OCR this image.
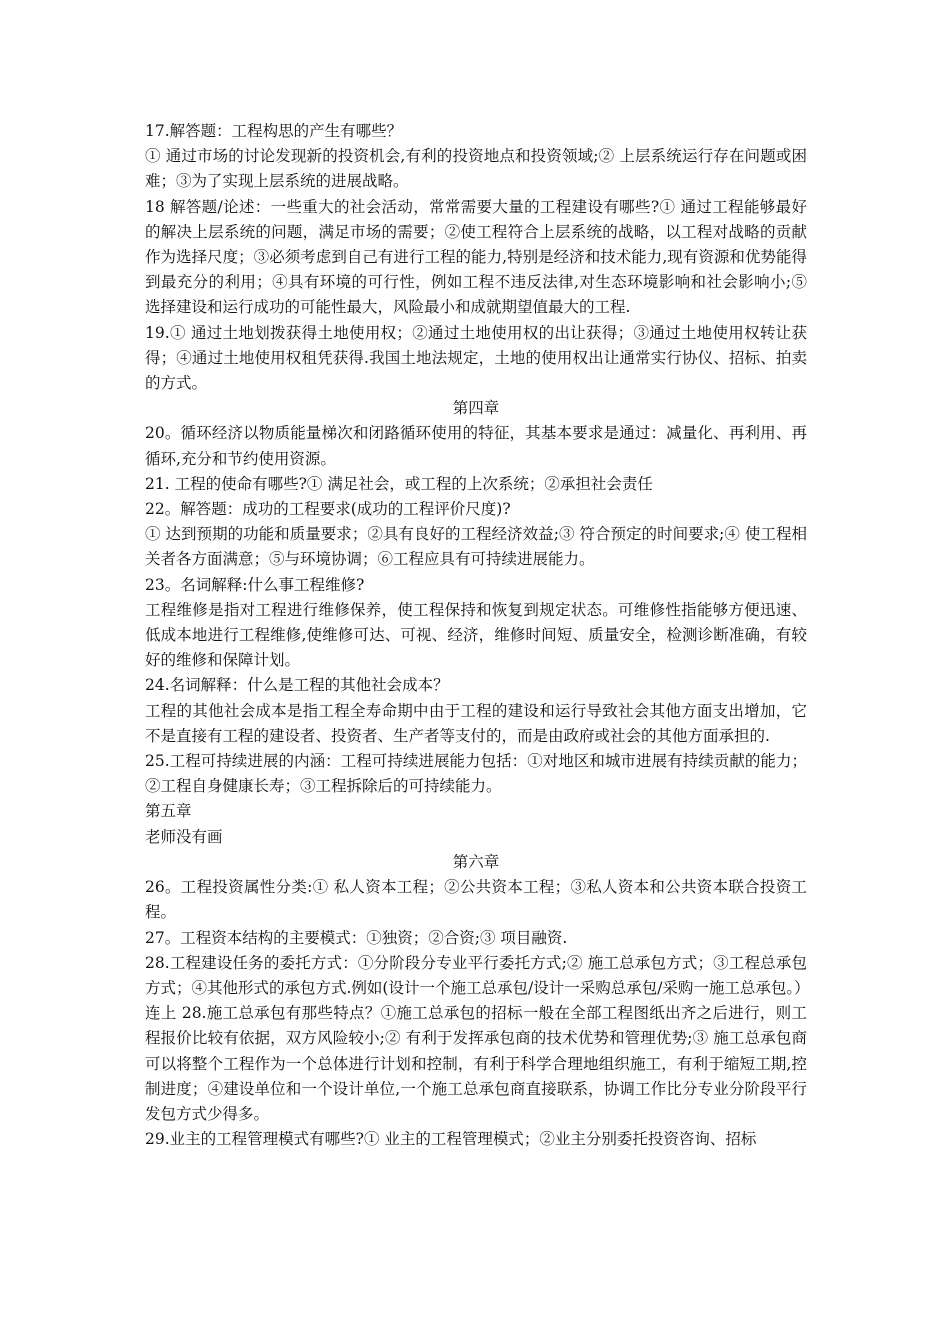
17.解答题：工程构思的产生有哪些？

① 通过市场的讨论发现新的投资机会,有利的投资地点和投资领域;② 上层系统运行存在问题或困难；③为了实现上层系统的进展战略。

18 解答题/论述：一些重大的社会活动，常常需要大量的工程建设有哪些?① 通过工程能够最好的解决上层系统的问题，满足市场的需要；②使工程符合上层系统的战略，以工程对战略的贡献作为选择尺度；③必须考虑到自己有进行工程的能力,特别是经济和技术能力,现有资源和优势能得到最充分的利用；④具有环境的可行性，例如工程不违反法律,对生态环境影响和社会影响小;⑤ 选择建设和运行成功的可能性最大，风险最小和成就期望值最大的工程.

19.① 通过土地划拨获得土地使用权；②通过土地使用权的出让获得；③通过土地使用权转让获得；④通过土地使用权租凭获得.我国土地法规定，土地的使用权出让通常实行协仪、招标、拍卖的方式。

第四章

20。循环经济以物质能量梯次和闭路循环使用的特征，其基本要求是通过：减量化、再利用、再循环,充分和节约使用资源。

21. 工程的使命有哪些?① 满足社会，或工程的上次系统；②承担社会责任

22。解答题：成功的工程要求(成功的工程评价尺度)?

① 达到预期的功能和质量要求；②具有良好的工程经济效益;③ 符合预定的时间要求;④ 使工程相关者各方面满意；⑤与环境协调；⑥工程应具有可持续进展能力。

23。名词解释:什么事工程维修?

工程维修是指对工程进行维修保养，使工程保持和恢复到规定状态。可维修性指能够方便迅速、低成本地进行工程维修,使维修可达、可视、经济，维修时间短、质量安全，检测诊断准确，有较好的维修和保障计划。

24.名词解释：什么是工程的其他社会成本？

工程的其他社会成本是指工程全寿命期中由于工程的建设和运行导致社会其他方面支出增加，它不是直接有工程的建设者、投资者、生产者等支付的，而是由政府或社会的其他方面承担的.

25.工程可持续进展的内涵：工程可持续进展能力包括：①对地区和城市进展有持续贡献的能力；②工程自身健康长寿；③工程拆除后的可持续能力。

第五章

老师没有画

第六章

26。工程投资属性分类:① 私人资本工程；②公共资本工程；③私人资本和公共资本联合投资工程。

27。工程资本结构的主要模式：①独资；②合资;③ 项目融资.

28.工程建设任务的委托方式：①分阶段分专业平行委托方式;② 施工总承包方式；③工程总承包方式；④其他形式的承包方式.例如(设计一个施工总承包/设计一采购总承包/采购一施工总承包。）

连上 28.施工总承包有那些特点？①施工总承包的招标一般在全部工程图纸出齐之后进行，则工程报价比较有依据，双方风险较小;② 有利于发挥承包商的技术优势和管理优势;③ 施工总承包商可以将整个工程作为一个总体进行计划和控制，有利于科学合理地组织施工，有利于缩短工期,控制进度；④建设单位和一个设计单位,一个施工总承包商直接联系，协调工作比分专业分阶段平行发包方式少得多。

29.业主的工程管理模式有哪些?① 业主的工程管理模式；②业主分别委托投资咨询、招标
